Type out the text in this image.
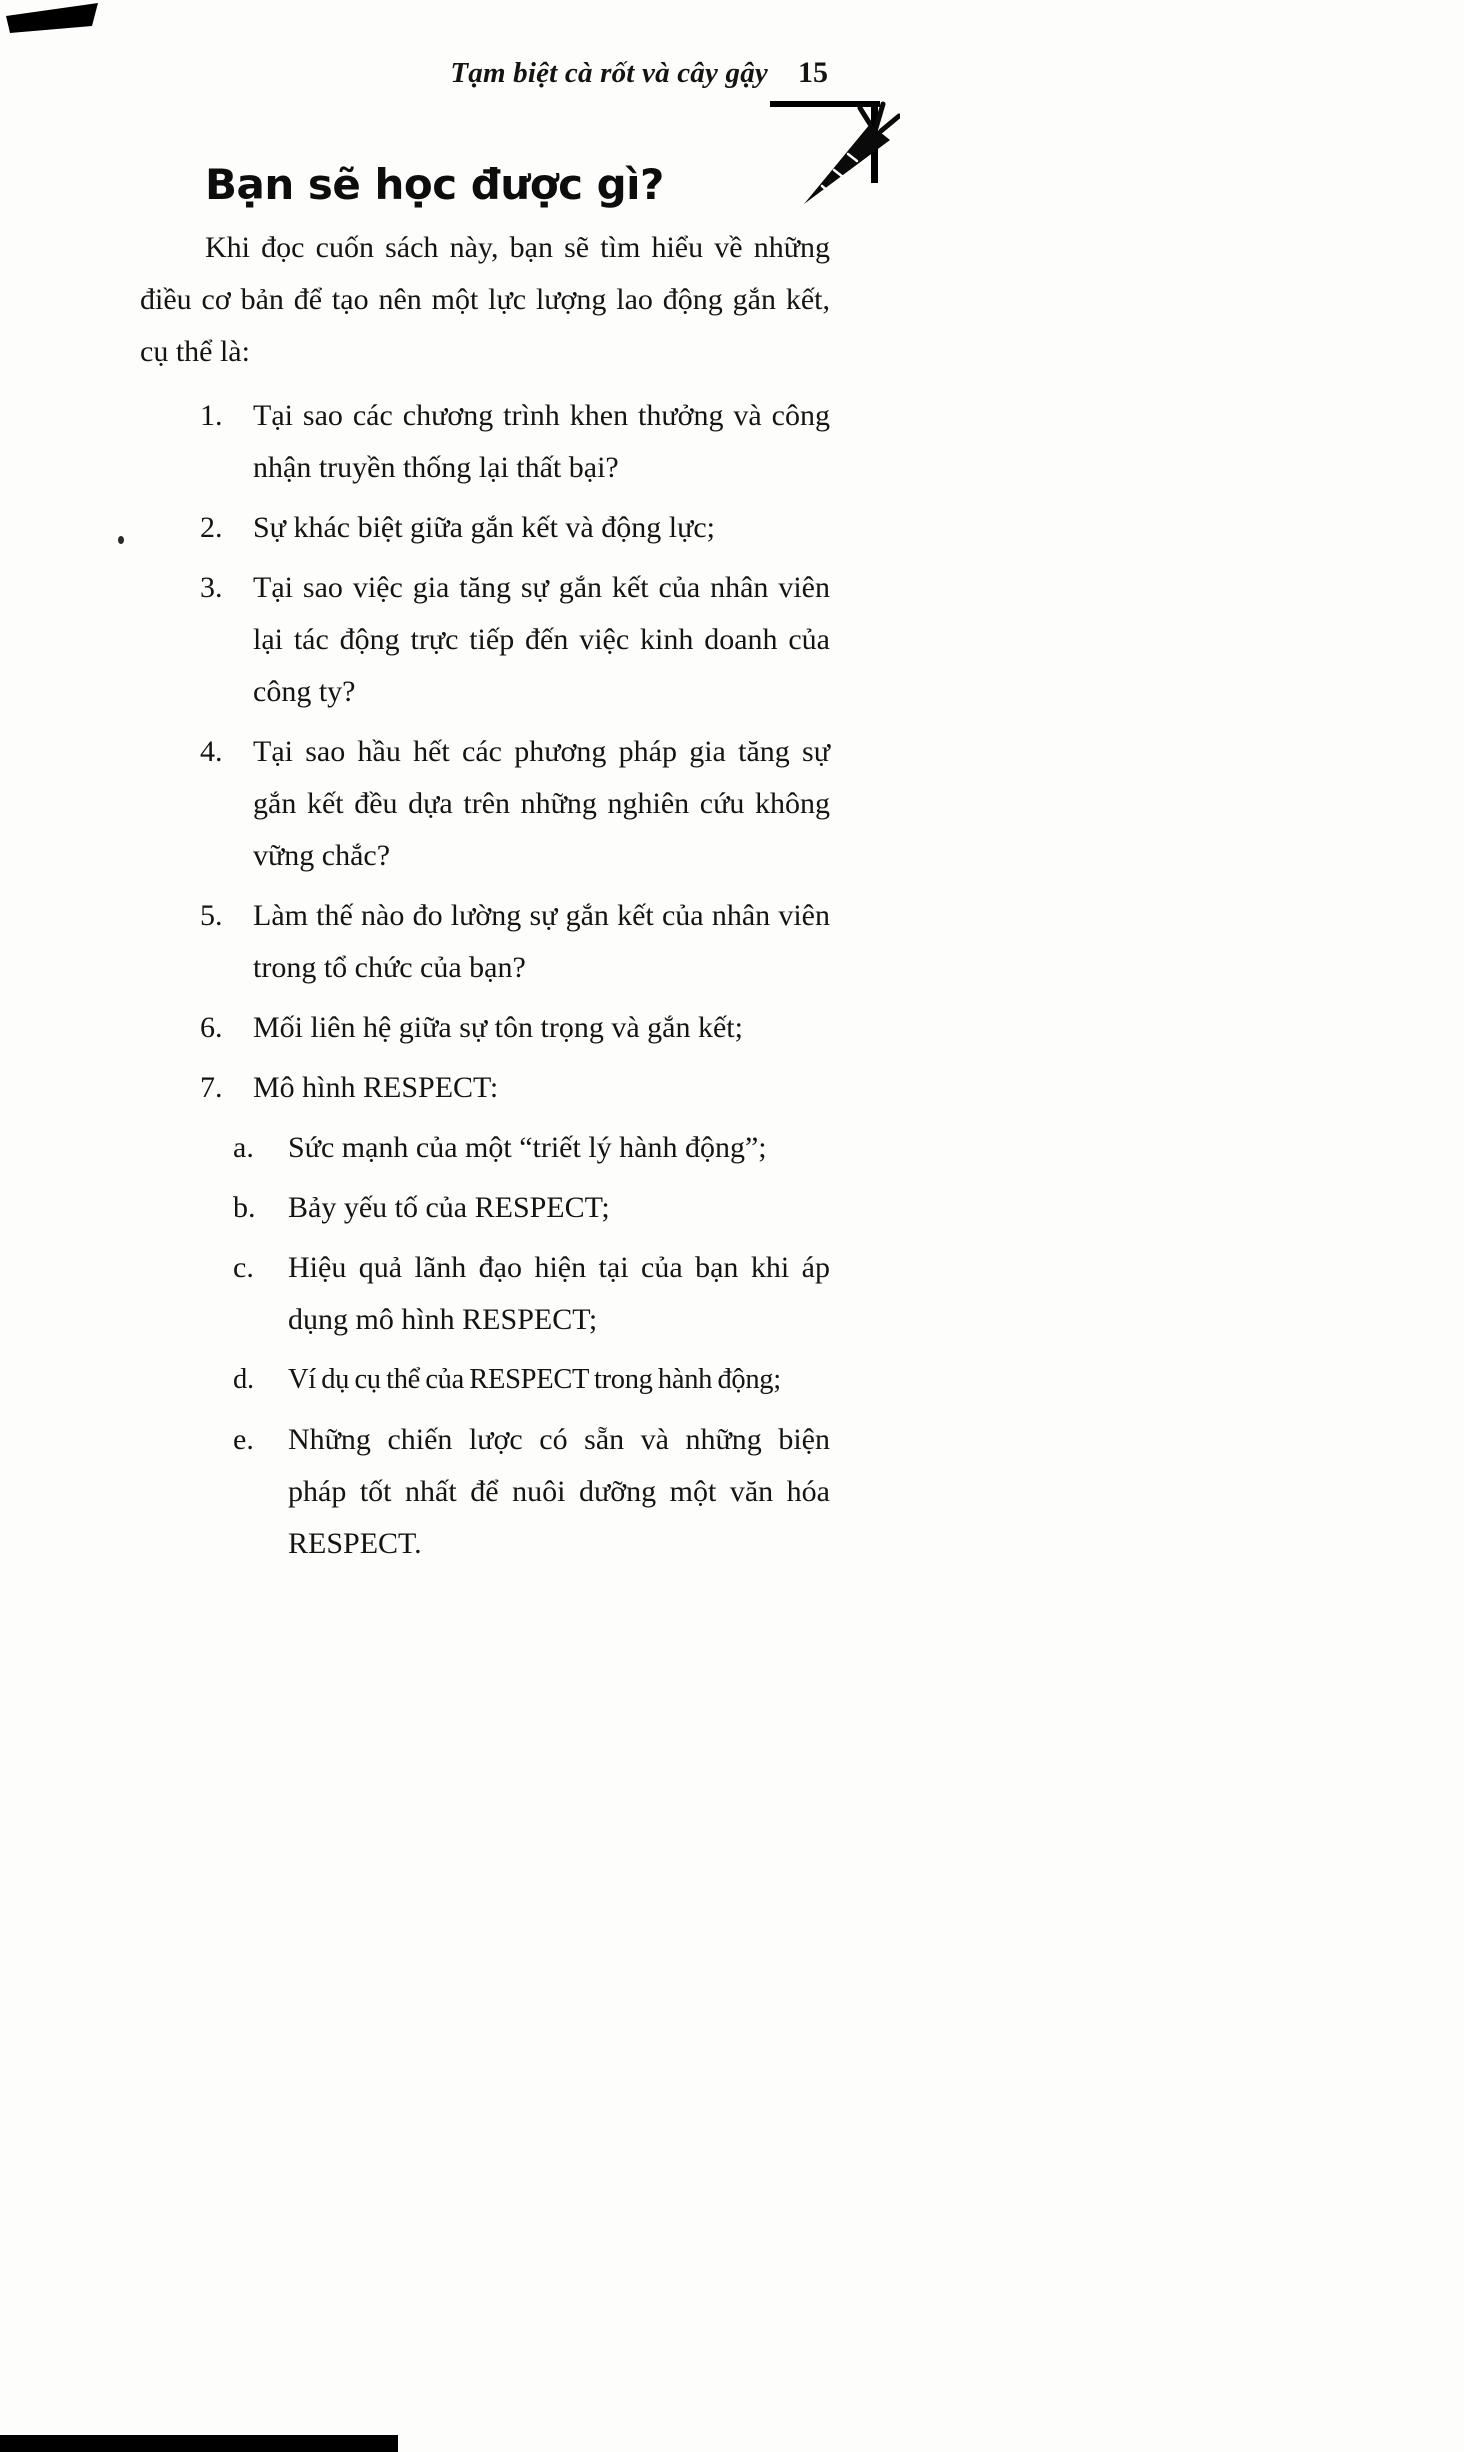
Tạm biệt cà rốt và cây gậy 15
Bạn sẽ học được gì?

Khi đọc cuốn sách này, bạn sẽ tìm hiểu về những điều cơ bản để tạo nên một lực lượng lao động gắn kết, cụ thể là:

1.	Tại sao các chương trình khen thưởng và công nhận truyền thống lại thất bại?
2.	Sự khác biệt giữa gắn kết và động lực;
3.	Tại sao việc gia tăng sự gắn kết của nhân viên lại tác động trực tiếp đến việc kinh doanh của công ty?
4.	Tại sao hầu hết các phương pháp gia tăng sự gắn kết đều dựa trên những nghiên cứu không vững chắc?
5.	Làm thế nào đo lường sự gắn kết của nhân viên trong tổ chức của bạn?
6.	Mối liên hệ giữa sự tôn trọng và gắn kết;
7.	Mô hình RESPECT:
a.	Sức mạnh của một “triết lý hành động”;
b.	Bảy yếu tố của RESPECT;
c.	Hiệu quả lãnh đạo hiện tại của bạn khi áp dụng mô hình RESPECT;
d.	Ví dụ cụ thể của RESPECT trong hành động;
e.	Những chiến lược có sẵn và những biện pháp tốt nhất để nuôi dưỡng một văn hóa RESPECT.
